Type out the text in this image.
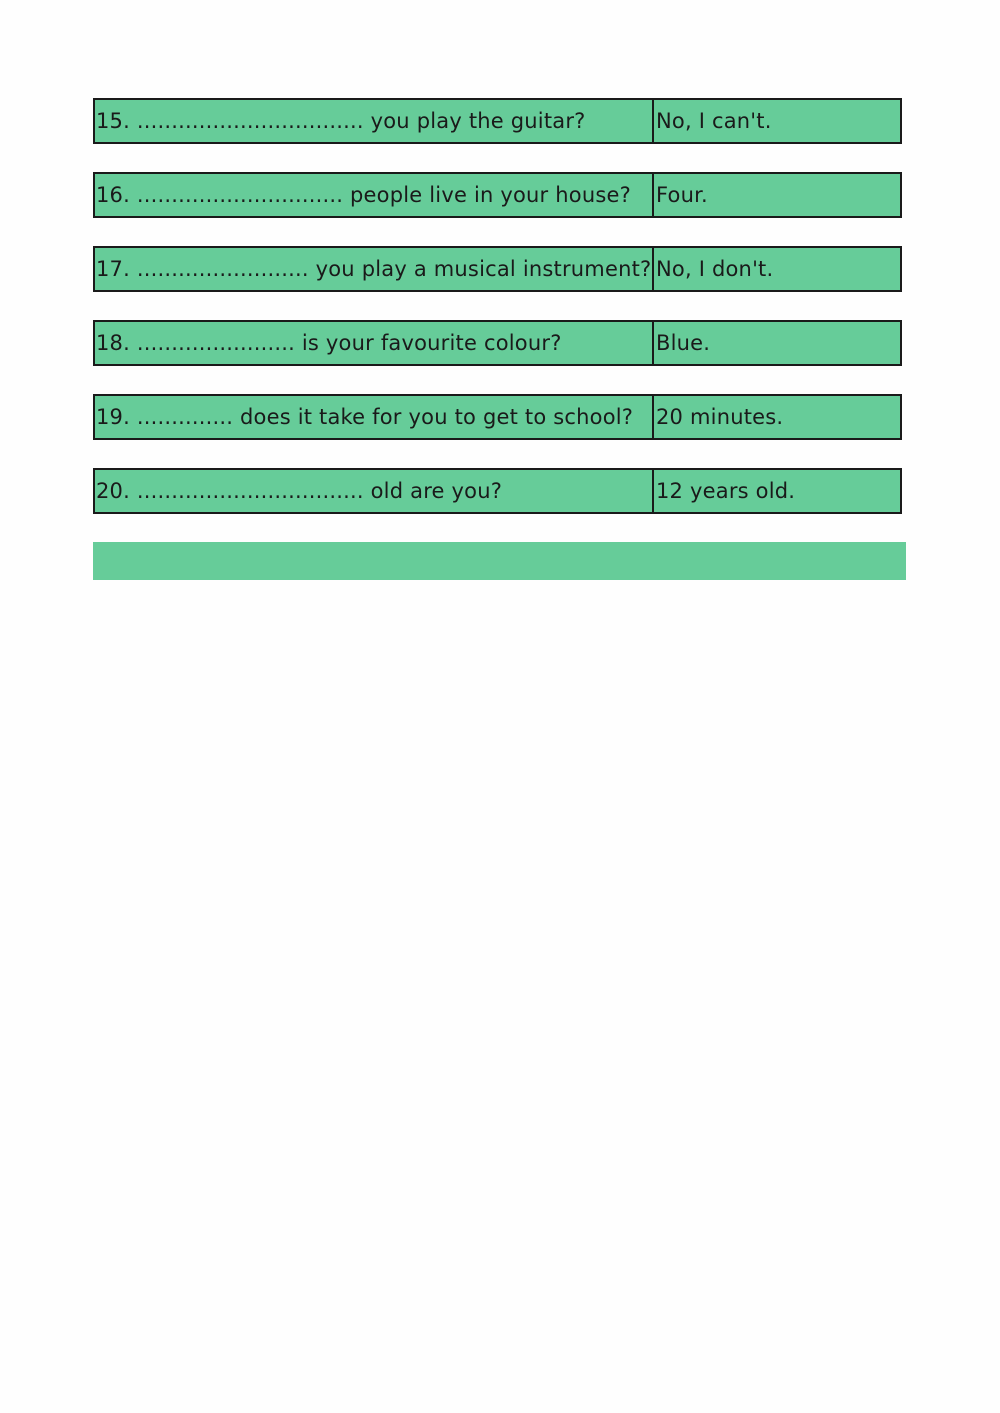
15. ................................. you play the guitar?	No, I can't.
16. .............................. people live in your house?	Four.
17. ......................... you play a musical instrument? No, I don't.
18. ....................... is your favourite colour?	Blue.
19. .............. does it take for you to get to school?	20 minutes.
20. ................................. old are you?	12 years old.
